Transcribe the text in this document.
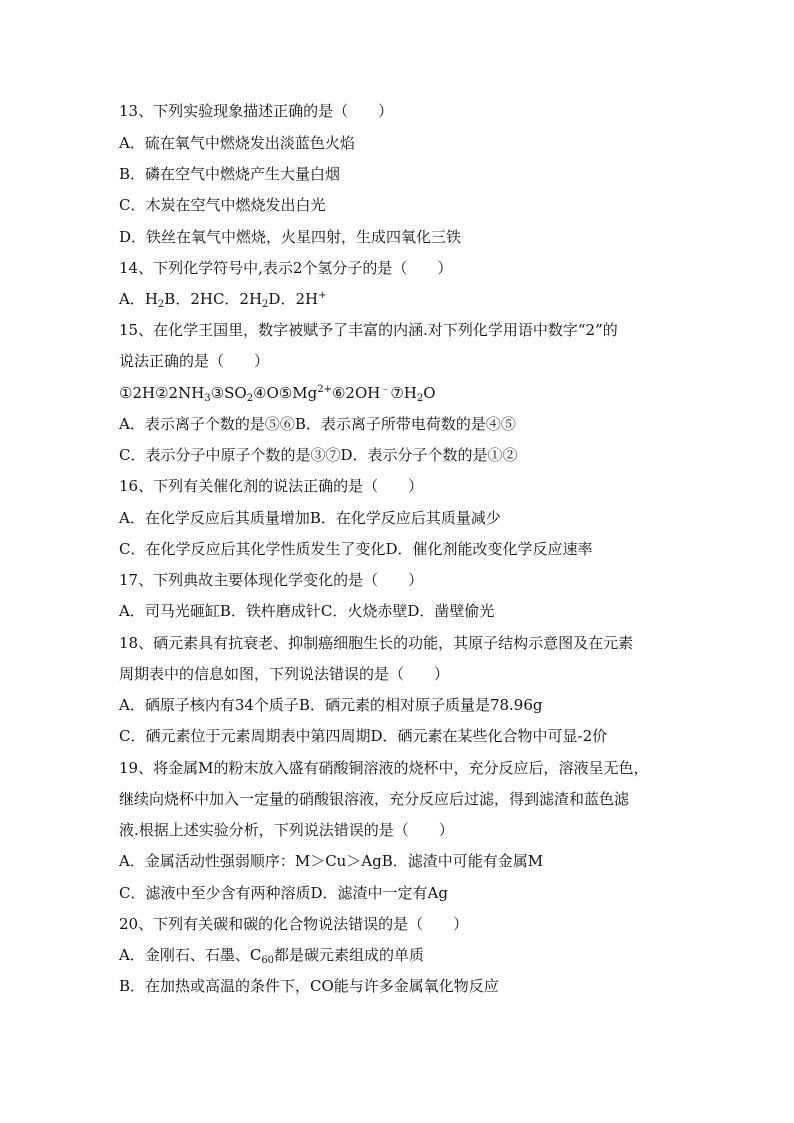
13、下列实验现象描述正确的是（　　）
A．硫在氧气中燃烧发出淡蓝色火焰
B．磷在空气中燃烧产生大量白烟
C．木炭在空气中燃烧发出白光
D．铁丝在氧气中燃烧，火星四射，生成四氧化三铁
14、下列化学符号中,表示2个氢分子的是（　　）
A．$H_2B$．2HC．$2H_2D$．2H+
15、在化学王国里，数字被赋予了丰富的内涵.对下列化学用语中数字“2”的
说法正确的是（　　）
$①2H②2NH_3③SO_2④O⑤Mg^{2+}⑥2OH^﹣⑦H_2O$
A．表示离子个数的是⑤⑥B．表示离子所带电荷数的是④⑤
C．表示分子中原子个数的是③⑦D．表示分子个数的是①②
16、下列有关催化剂的说法正确的是（　　）
A．在化学反应后其质量增加B．在化学反应后其质量减少
C．在化学反应后其化学性质发生了变化D．催化剂能改变化学反应速率
17、下列典故主要体现化学变化的是（　　）
A．司马光砸缸B．铁杵磨成针C．火烧赤壁D．凿壁偷光
18、硒元素具有抗衰老、抑制癌细胞生长的功能，其原子结构示意图及在元素
周期表中的信息如图，下列说法错误的是（　　）
A．硒原子核内有34个质子B．硒元素的相对原子质量是78.96g
C．硒元素位于元素周期表中第四周期D．硒元素在某些化合物中可显-2价
19、将金属M的粉末放入盛有硝酸铜溶液的烧杯中，充分反应后，溶液呈无色，
继续向烧杯中加入一定量的硝酸银溶液，充分反应后过滤，得到滤渣和蓝色滤
液.根据上述实验分析，下列说法错误的是（　　）
A．金属活动性强弱顺序：M＞Cu＞AgB．滤渣中可能有金属M
C．滤液中至少含有两种溶质D．滤渣中一定有Ag
20、下列有关碳和碳的化合物说法错误的是（　　）
A．金刚石、石墨、$C_{60}$都是碳元素组成的单质
B．在加热或高温的条件下，CO能与许多金属氧化物反应
